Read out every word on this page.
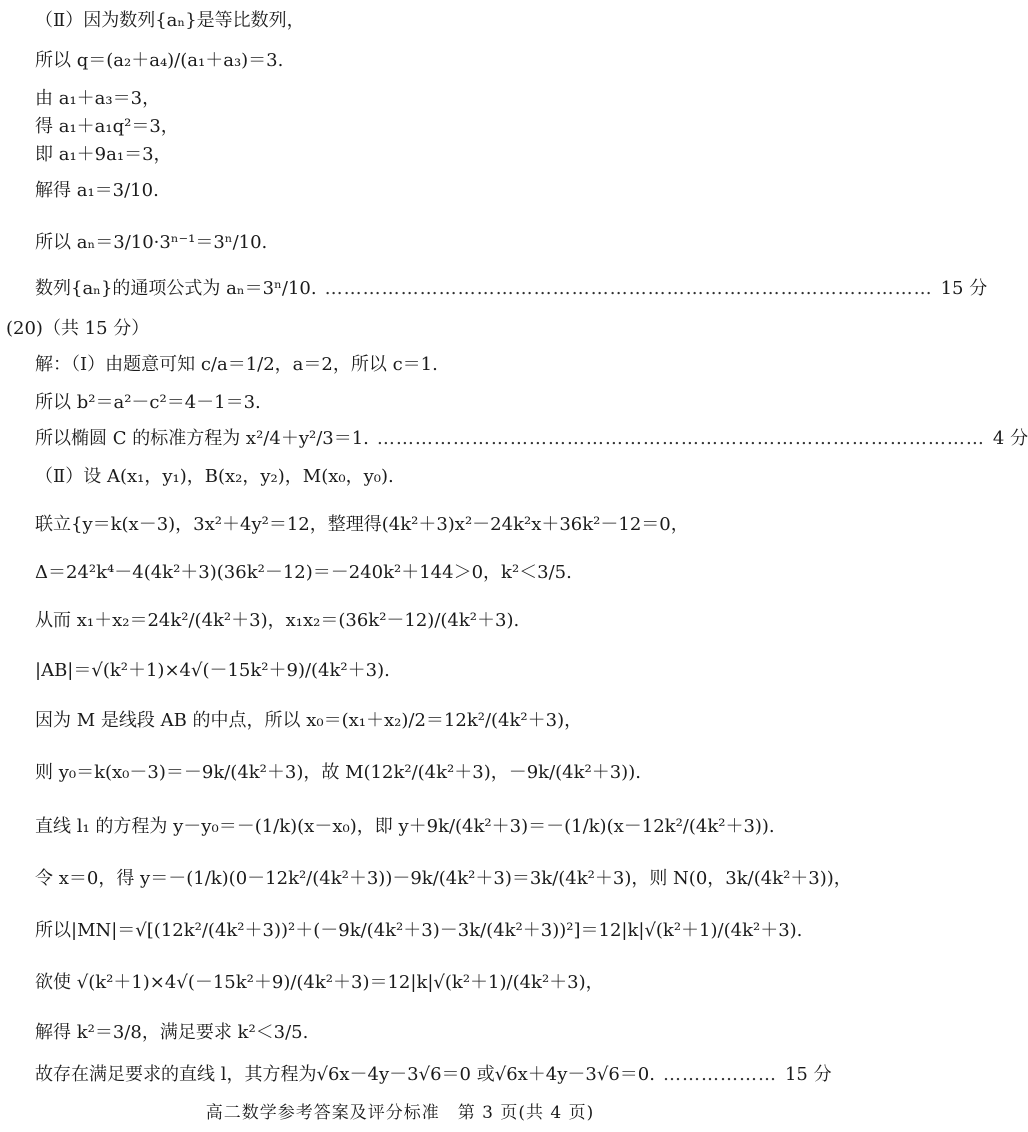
（Ⅱ）因为数列{aₙ}是等比数列，
所以 q＝(a₂＋a₄)/(a₁＋a₃)＝3.
由 a₁＋a₃＝3，
得 a₁＋a₁q²＝3，
即 a₁＋9a₁＝3，
解得 a₁＝3/10.
所以 aₙ＝3/10·3ⁿ⁻¹＝3ⁿ/10.
数列{aₙ}的通项公式为 aₙ＝3ⁿ/10. …………………………………………………………………………………… 15 分
(20)（共 15 分）
解：（Ⅰ）由题意可知 c/a＝1/2，a＝2，所以 c＝1.
所以 b²＝a²－c²＝4－1＝3.
所以椭圆 C 的标准方程为 x²/4＋y²/3＝1. …………………………………………………………………………………… 4 分
（Ⅱ）设 A(x₁，y₁)，B(x₂，y₂)，M(x₀，y₀).
联立{y＝k(x－3)，3x²＋4y²＝12，整理得(4k²＋3)x²－24k²x＋36k²－12＝0，
Δ＝24²k⁴－4(4k²＋3)(36k²－12)＝－240k²＋144＞0，k²＜3/5.
从而 x₁＋x₂＝24k²/(4k²＋3)，x₁x₂＝(36k²－12)/(4k²＋3).
|AB|＝√(k²＋1)×4√(－15k²＋9)/(4k²＋3).
因为 M 是线段 AB 的中点，所以 x₀＝(x₁＋x₂)/2＝12k²/(4k²＋3)，
则 y₀＝k(x₀－3)＝－9k/(4k²＋3)，故 M(12k²/(4k²＋3)，－9k/(4k²＋3)).
直线 l₁ 的方程为 y－y₀＝－(1/k)(x－x₀)，即 y＋9k/(4k²＋3)＝－(1/k)(x－12k²/(4k²＋3)).
令 x＝0，得 y＝－(1/k)(0－12k²/(4k²＋3))－9k/(4k²＋3)＝3k/(4k²＋3)，则 N(0，3k/(4k²＋3))，
所以|MN|＝√[(12k²/(4k²＋3))²＋(－9k/(4k²＋3)－3k/(4k²＋3))²]＝12|k|√(k²＋1)/(4k²＋3).
欲使 √(k²＋1)×4√(－15k²＋9)/(4k²＋3)＝12|k|√(k²＋1)/(4k²＋3)，
解得 k²＝3/8，满足要求 k²＜3/5.
故存在满足要求的直线 l，其方程为√6x－4y－3√6＝0 或√6x＋4y－3√6＝0. ……………… 15 分
高二数学参考答案及评分标准　第 3 页(共 4 页)
